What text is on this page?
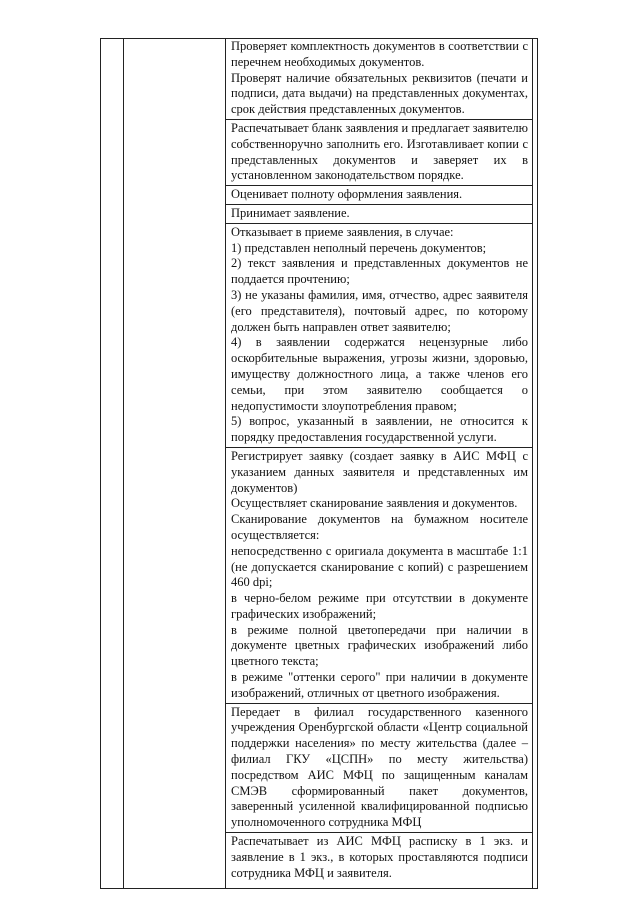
Проверяет комплектность документов в соответствии с перечнем необходимых документов.

Проверят наличие обязательных реквизитов (печати и подписи, дата выдачи) на представленных документах, срок действия представленных документов.

Распечатывает бланк заявления и предлагает заявителю собственноручно заполнить его. Изготавливает копии с представленных документов и заверяет их в установленном законодательством порядке.

Оценивает полноту оформления заявления.

Принимает заявление.

Отказывает в приеме заявления, в случае:

1) представлен неполный перечень документов;

2) текст заявления и представленных документов не поддается прочтению;

3) не указаны фамилия, имя, отчество, адрес заявителя (его представителя), почтовый адрес, по которому должен быть направлен ответ заявителю;

4) в заявлении содержатся нецензурные либо оскорбительные выражения, угрозы жизни, здоровью, имуществу должностного лица, а также членов его семьи, при этом заявителю сообщается о недопустимости злоупотребления правом;

5) вопрос, указанный в заявлении, не относится к порядку предоставления государственной услуги.

Регистрирует заявку (создает заявку в АИС МФЦ с указанием данных заявителя и представленных им документов)

Осуществляет сканирование заявления и документов.

Сканирование документов на бумажном носителе осуществляется:

непосредственно с оригиала документа в масштабе 1:1 (не допускается сканирование с копий) с разрешением 460 dpi;

в черно-белом режиме при отсутствии в документе графических изображений;

в режиме полной цветопередачи при наличии в документе цветных графических изображений либо цветного текста;

в режиме "оттенки серого" при наличии в документе изображений, отличных от цветного изображения.

Передает в филиал государственного казенного учреждения Оренбургской области «Центр социальной поддержки населения» по месту жительства (далее – филиал ГКУ «ЦСПН» по месту жительства) посредством АИС МФЦ по защищенным каналам СМЭВ сформированный пакет документов, заверенный усиленной квалифицированной подписью уполномоченного сотрудника МФЦ

Распечатывает из АИС МФЦ расписку в 1 экз. и заявление в 1 экз., в которых проставляются подписи сотрудника МФЦ и заявителя.
